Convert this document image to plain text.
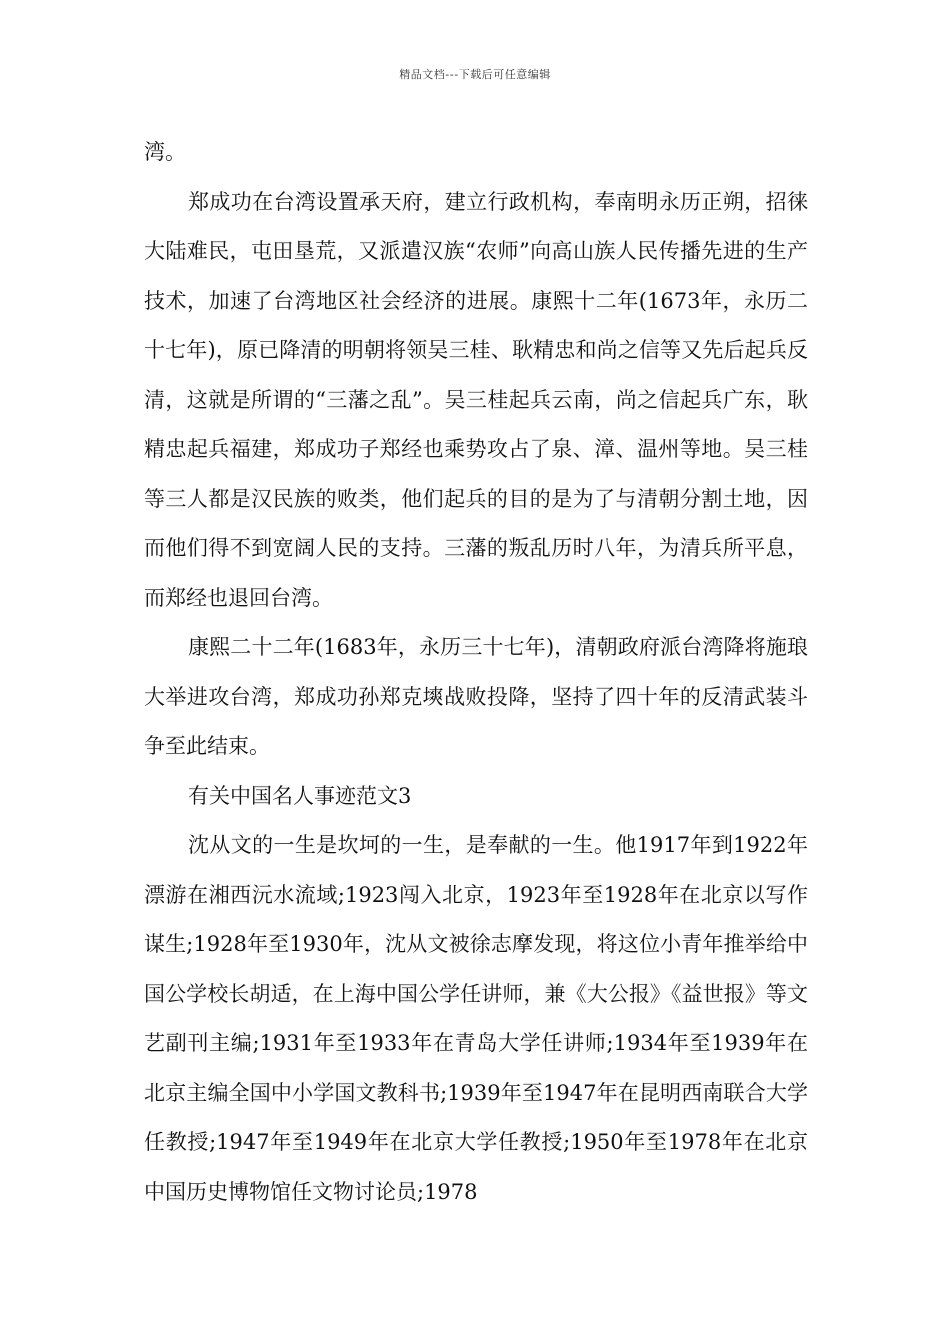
精品文档---下载后可任意编辑

湾。

郑成功在台湾设置承天府，建立行政机构，奉南明永历正朔，招徕大陆难民，屯田垦荒，又派遣汉族“农师”向高山族人民传播先进的生产技术，加速了台湾地区社会经济的进展。康熙十二年(1673年，永历二十七年)，原已降清的明朝将领吴三桂、耿精忠和尚之信等又先后起兵反清，这就是所谓的“三藩之乱”。吴三桂起兵云南，尚之信起兵广东，耿精忠起兵福建，郑成功子郑经也乘势攻占了泉、漳、温州等地。吴三桂等三人都是汉民族的败类，他们起兵的目的是为了与清朝分割土地，因而他们得不到宽阔人民的支持。三藩的叛乱历时八年，为清兵所平息，而郑经也退回台湾。

康熙二十二年(1683年，永历三十七年)，清朝政府派台湾降将施琅大举进攻台湾，郑成功孙郑克塽战败投降，坚持了四十年的反清武装斗争至此结束。

有关中国名人事迹范文3

沈从文的一生是坎坷的一生，是奉献的一生。他1917年到1922年漂游在湘西沅水流域;1923闯入北京，1923年至1928年在北京以写作谋生;1928年至1930年，沈从文被徐志摩发现，将这位小青年推举给中国公学校长胡适，在上海中国公学任讲师，兼《大公报》《益世报》等文艺副刊主编;1931年至1933年在青岛大学任讲师;1934年至1939年在北京主编全国中小学国文教科书;1939年至1947年在昆明西南联合大学任教授;1947年至1949年在北京大学任教授;1950年至1978年在北京中国历史博物馆任文物讨论员;1978
